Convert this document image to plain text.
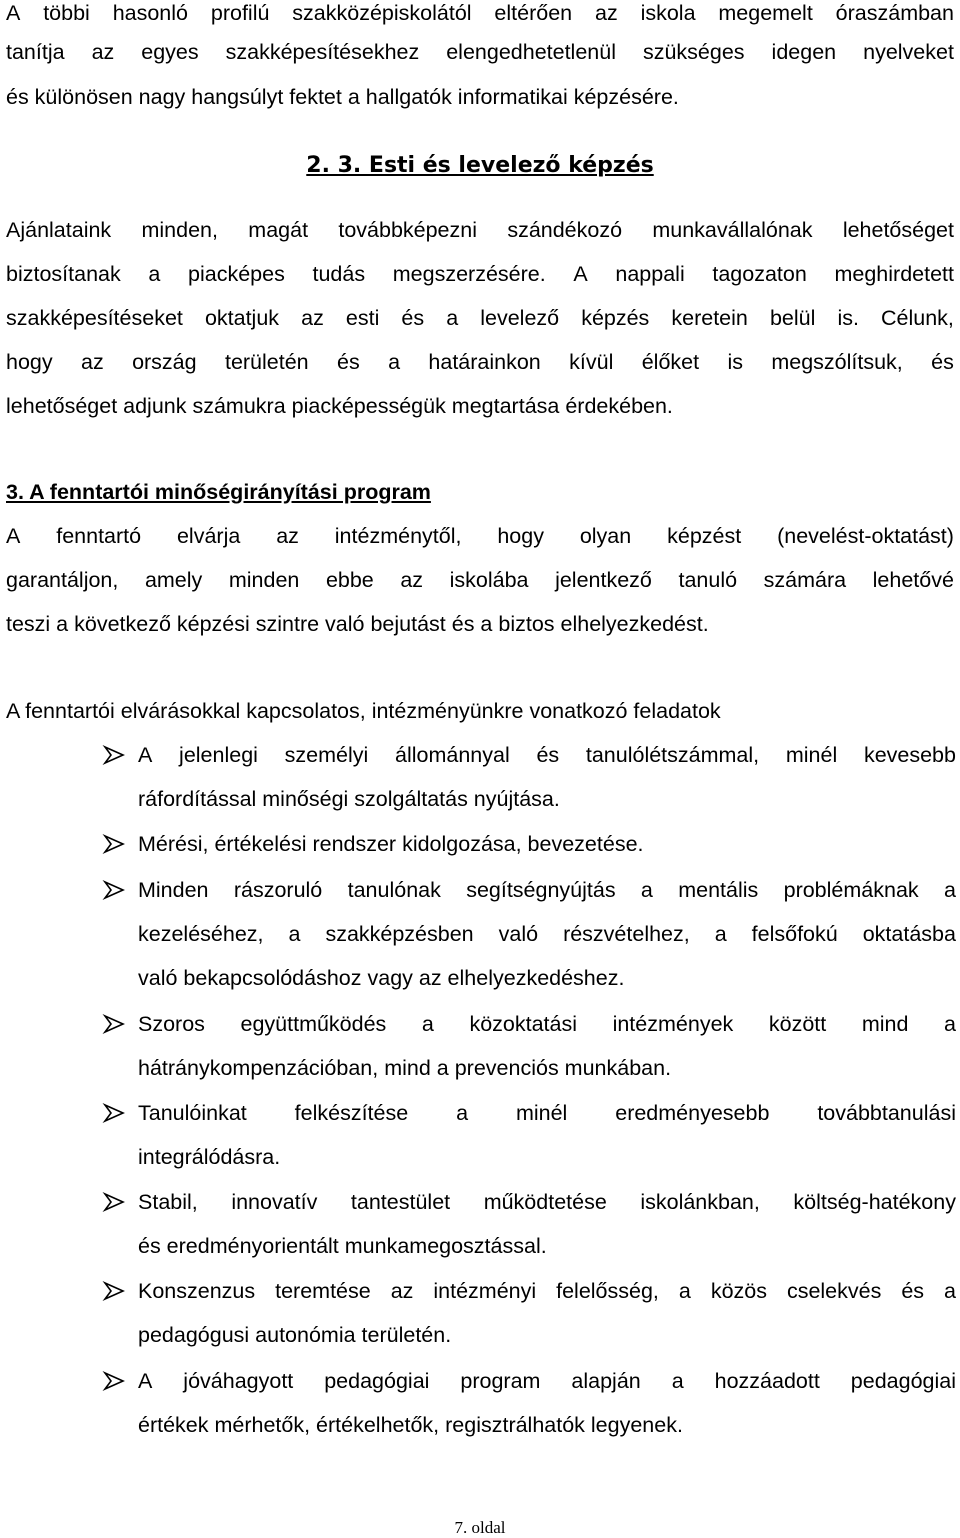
A többi hasonló profilú szakközépiskolától eltérően az iskola megemelt óraszámban
tanítja az egyes szakképesítésekhez elengedhetetlenül szükséges idegen nyelveket
és különösen nagy hangsúlyt fektet a hallgatók informatikai képzésére.
2. 3. Esti és levelező képzés
Ajánlataink minden, magát továbbképezni szándékozó munkavállalónak lehetőséget
biztosítanak a piacképes tudás megszerzésére. A nappali tagozaton meghirdetett
szakképesítéseket oktatjuk az esti és a levelező képzés keretein belül is. Célunk,
hogy az ország területén és a határainkon kívül élőket is megszólítsuk, és
lehetőséget adjunk számukra piacképességük megtartása érdekében.
3. A fenntartói minőségirányítási program
A fenntartó elvárja az intézménytől, hogy olyan képzést (nevelést-oktatást)
garantáljon, amely minden ebbe az iskolába jelentkező tanuló számára lehetővé
teszi a következő képzési szintre való bejutást és a biztos elhelyezkedést.
A fenntartói elvárásokkal kapcsolatos, intézményünkre vonatkozó feladatok
A jelenlegi személyi állománnyal és tanulólétszámmal, minél kevesebb
ráfordítással minőségi szolgáltatás nyújtása.
Mérési, értékelési rendszer kidolgozása, bevezetése.
Minden rászoruló tanulónak segítségnyújtás a mentális problémáknak a
kezeléséhez, a szakképzésben való részvételhez, a felsőfokú oktatásba
való bekapcsolódáshoz vagy az elhelyezkedéshez.
Szoros együttműködés a közoktatási intézmények között mind a
hátránykompenzációban, mind a prevenciós munkában.
Tanulóinkat felkészítése a minél eredményesebb továbbtanulási
integrálódásra.
Stabil, innovatív tantestület működtetése iskolánkban, költség-hatékony
és eredményorientált munkamegosztással.
Konszenzus teremtése az intézményi felelősség, a közös cselekvés és a
pedagógusi autonómia területén.
A jóváhagyott pedagógiai program alapján a hozzáadott pedagógiai
értékek mérhetők, értékelhetők, regisztrálhatók legyenek.
7. oldal
